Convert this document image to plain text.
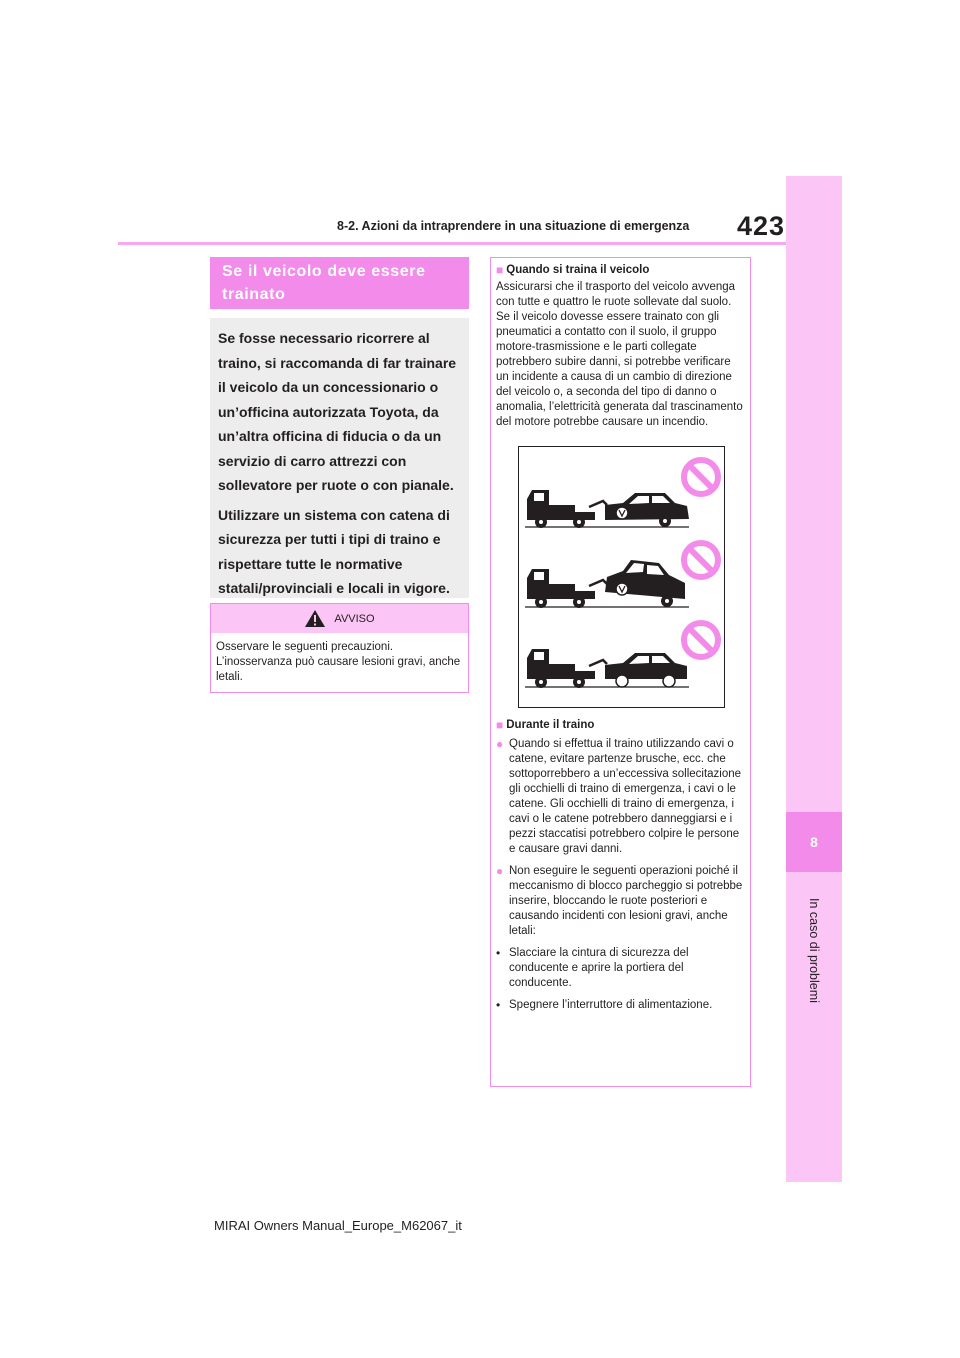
423
8-2. Azioni da intraprendere in una situazione di emergenza
8
In caso di problemi
Se il veicolo deve essere trainato

Se fosse necessario ricorrere al traino, si raccomanda di far trainare il veicolo da un concessionario o un’officina autorizzata Toyota, da un’altra officina di fiducia o da un servizio di carro attrezzi con sollevatore per ruote o con pianale.

Utilizzare un sistema con catena di sicurezza per tutti i tipi di traino e rispettare tutte le normative statali/provinciali e locali in vigore.

AVVISO
Osservare le seguenti precauzioni. L’inosservanza può causare lesioni gravi, anche letali.
■ Quando si traina il veicolo
Assicurarsi che il trasporto del veicolo avvenga con tutte e quattro le ruote sollevate dal suolo. Se il veicolo dovesse essere trainato con gli pneumatici a contatto con il suolo, il gruppo motore-trasmissione e le parti collegate potrebbero subire danni, si potrebbe verificare un incidente a causa di un cambio di direzione del veicolo o, a seconda del tipo di danno o anomalia, l’elettricità generata dal trascinamento del motore potrebbe causare un incendio.
■ Durante il traino
● Quando si effettua il traino utilizzando cavi o catene, evitare partenze brusche, ecc. che sottoporrebbero a un’eccessiva sollecitazione gli occhielli di traino di emergenza, i cavi o le catene. Gli occhielli di traino di emergenza, i cavi o le catene potrebbero danneggiarsi e i pezzi staccatisi potrebbero colpire le persone e causare gravi danni.
● Non eseguire le seguenti operazioni poiché il meccanismo di blocco parcheggio si potrebbe inserire, bloccando le ruote posteriori e causando incidenti con lesioni gravi, anche letali:
• Slacciare la cintura di sicurezza del conducente e aprire la portiera del conducente.
• Spegnere l’interruttore di alimentazione.
MIRAI Owners Manual_Europe_M62067_it
